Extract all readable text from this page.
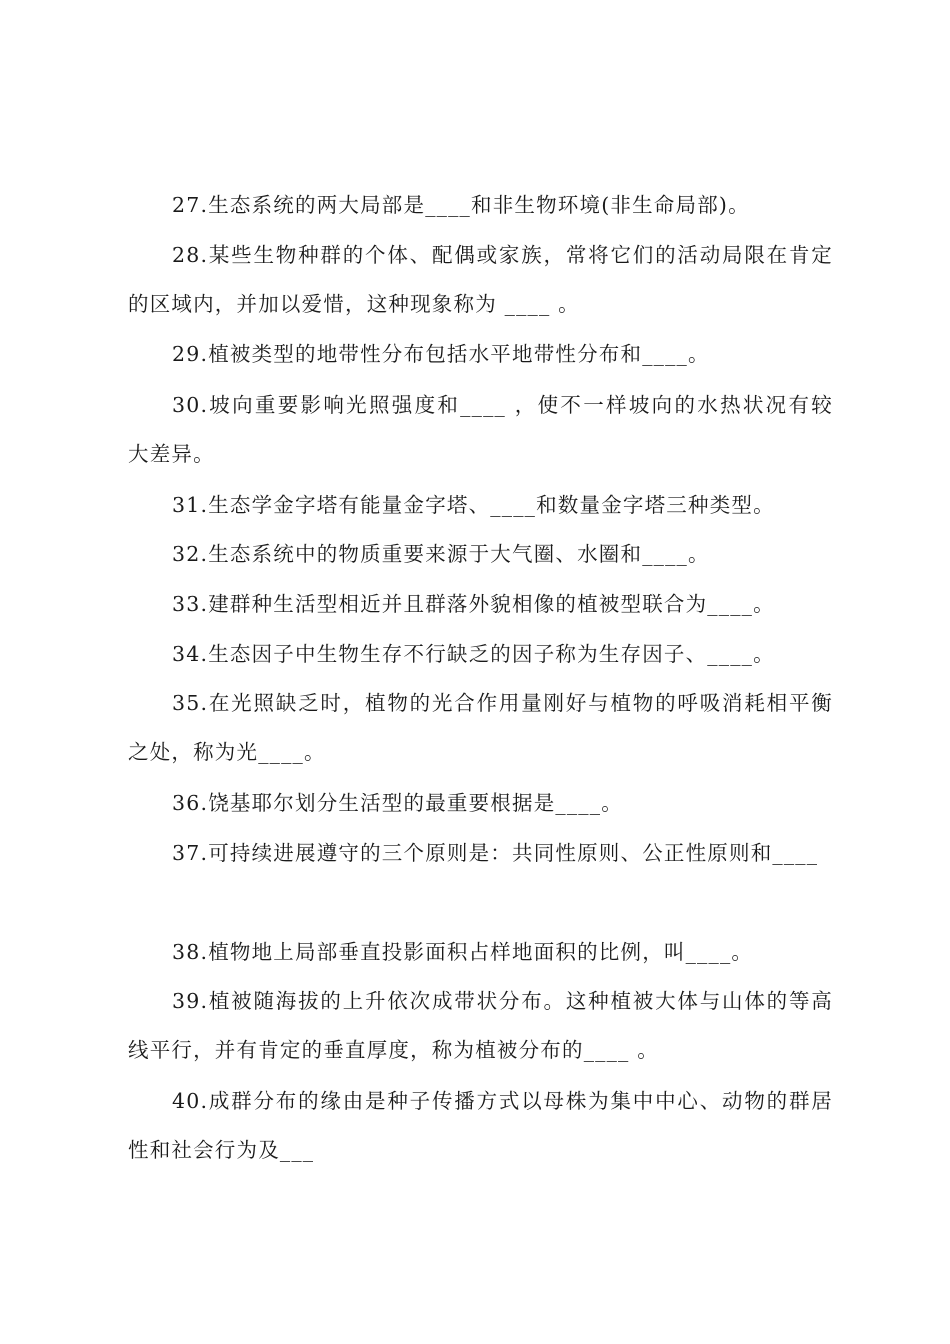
27.生态系统的两大局部是____和非生物环境(非生命局部)。

28.某些生物种群的个体、配偶或家族，常将它们的活动局限在肯定
的区域内，并加以爱惜，这种现象称为 ____ 。

29.植被类型的地带性分布包括水平地带性分布和____。

30.坡向重要影响光照强度和____ ，使不一样坡向的水热状况有较
大差异。

31.生态学金字塔有能量金字塔、____和数量金字塔三种类型。

32.生态系统中的物质重要来源于大气圈、水圈和____。

33.建群种生活型相近并且群落外貌相像的植被型联合为____。

34.生态因子中生物生存不行缺乏的因子称为生存因子、____。

35.在光照缺乏时，植物的光合作用量刚好与植物的呼吸消耗相平衡
之处，称为光____。

36.饶基耶尔划分生活型的最重要根据是____。

37.可持续进展遵守的三个原则是：共同性原则、公正性原则和____

38.植物地上局部垂直投影面积占样地面积的比例，叫____。

39.植被随海拔的上升依次成带状分布。这种植被大体与山体的等高
线平行，并有肯定的垂直厚度，称为植被分布的____ 。

40.成群分布的缘由是种子传播方式以母株为集中中心、动物的群居
性和社会行为及___
